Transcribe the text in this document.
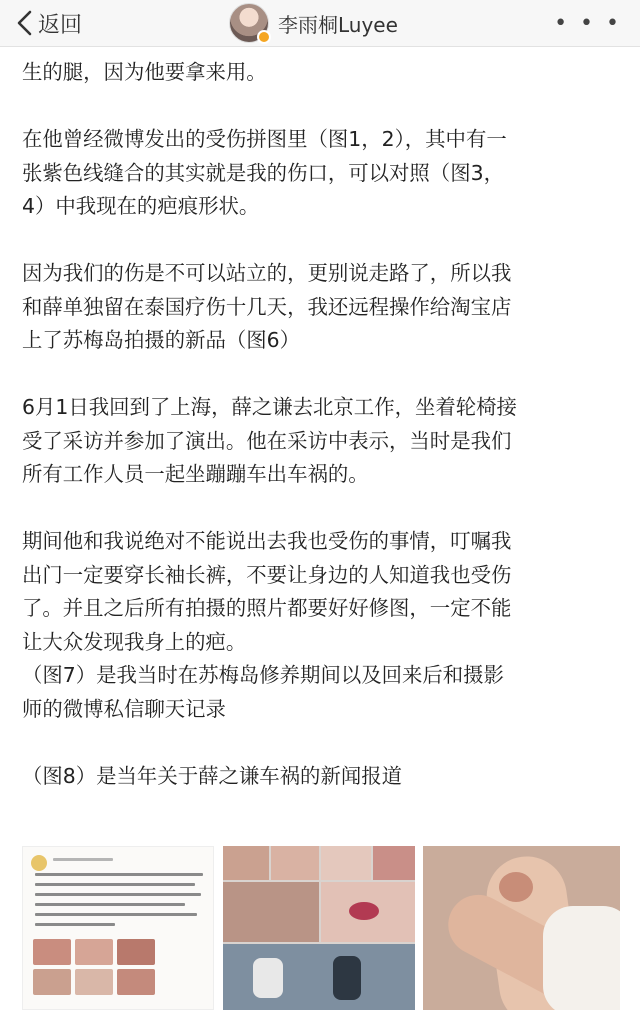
返回	李雨桐Luyee	• • •

生的腿，因为他要拿来用。

在他曾经微博发出的受伤拼图里（图1，2），其中有一
张紫色线缝合的其实就是我的伤口，可以对照（图3，
4）中我现在的疤痕形状。

因为我们的伤是不可以站立的，更别说走路了，所以我
和薛单独留在泰国疗伤十几天，我还远程操作给淘宝店
上了苏梅岛拍摄的新品（图6）

6月1日我回到了上海，薛之谦去北京工作，坐着轮椅接
受了采访并参加了演出。他在采访中表示，当时是我们
所有工作人员一起坐蹦蹦车出车祸的。

期间他和我说绝对不能说出去我也受伤的事情，叮嘱我
出门一定要穿长袖长裤，不要让身边的人知道我也受伤
了。并且之后所有拍摄的照片都要好好修图，一定不能
让大众发现我身上的疤。
（图7）是我当时在苏梅岛修养期间以及回来后和摄影
师的微博私信聊天记录

（图8）是当年关于薛之谦车祸的新闻报道
